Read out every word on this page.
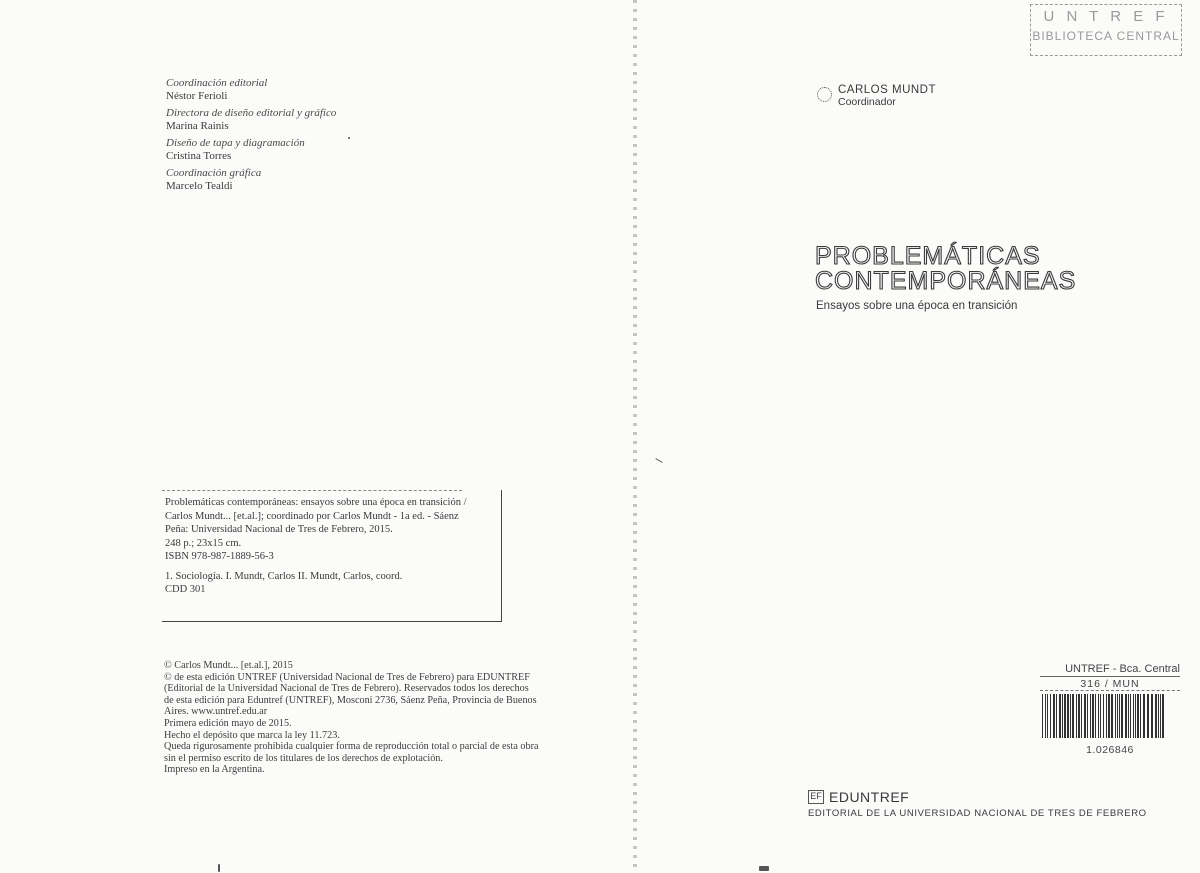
Coordinación editorial
Néstor Ferioli
Directora de diseño editorial y gráfico
Marina Rainis
Diseño de tapa y diagramación
Cristina Torres
Coordinación gráfica
Marcelo Tealdi
Problemáticas contemporáneas: ensayos sobre una época en transición /
Carlos Mundt... [et.al.]; coordinado por Carlos Mundt - 1a ed. - Sáenz
Peña: Universidad Nacional de Tres de Febrero, 2015.
248 p.; 23x15 cm.
ISBN 978-987-1889-56-3
1. Sociología. I. Mundt, Carlos II. Mundt, Carlos, coord.
CDD 301
© Carlos Mundt... [et.al.], 2015
© de esta edición UNTREF (Universidad Nacional de Tres de Febrero) para EDUNTREF
(Editorial de la Universidad Nacional de Tres de Febrero). Reservados todos los derechos
de esta edición para Eduntref (UNTREF), Mosconi 2736, Sáenz Peña, Provincia de Buenos
Aires. www.untref.edu.ar
Primera edición mayo de 2015.
Hecho el depósito que marca la ley 11.723.
Queda rigurosamente prohibida cualquier forma de reproducción total o parcial de esta obra
sin el permiso escrito de los titulares de los derechos de explotación.
Impreso en la Argentina.
U N T R E F
BIBLIOTECA CENTRAL
CARLOS MUNDT
Coordinador
PROBLEMÁTICAS
CONTEMPORÁNEAS
Ensayos sobre una época en transición
UNTREF - Bca. Central
316 / MUN
1.026846
ЕF EDUNTREF
EDITORIAL DE LA UNIVERSIDAD NACIONAL DE TRES DE FEBRERO
